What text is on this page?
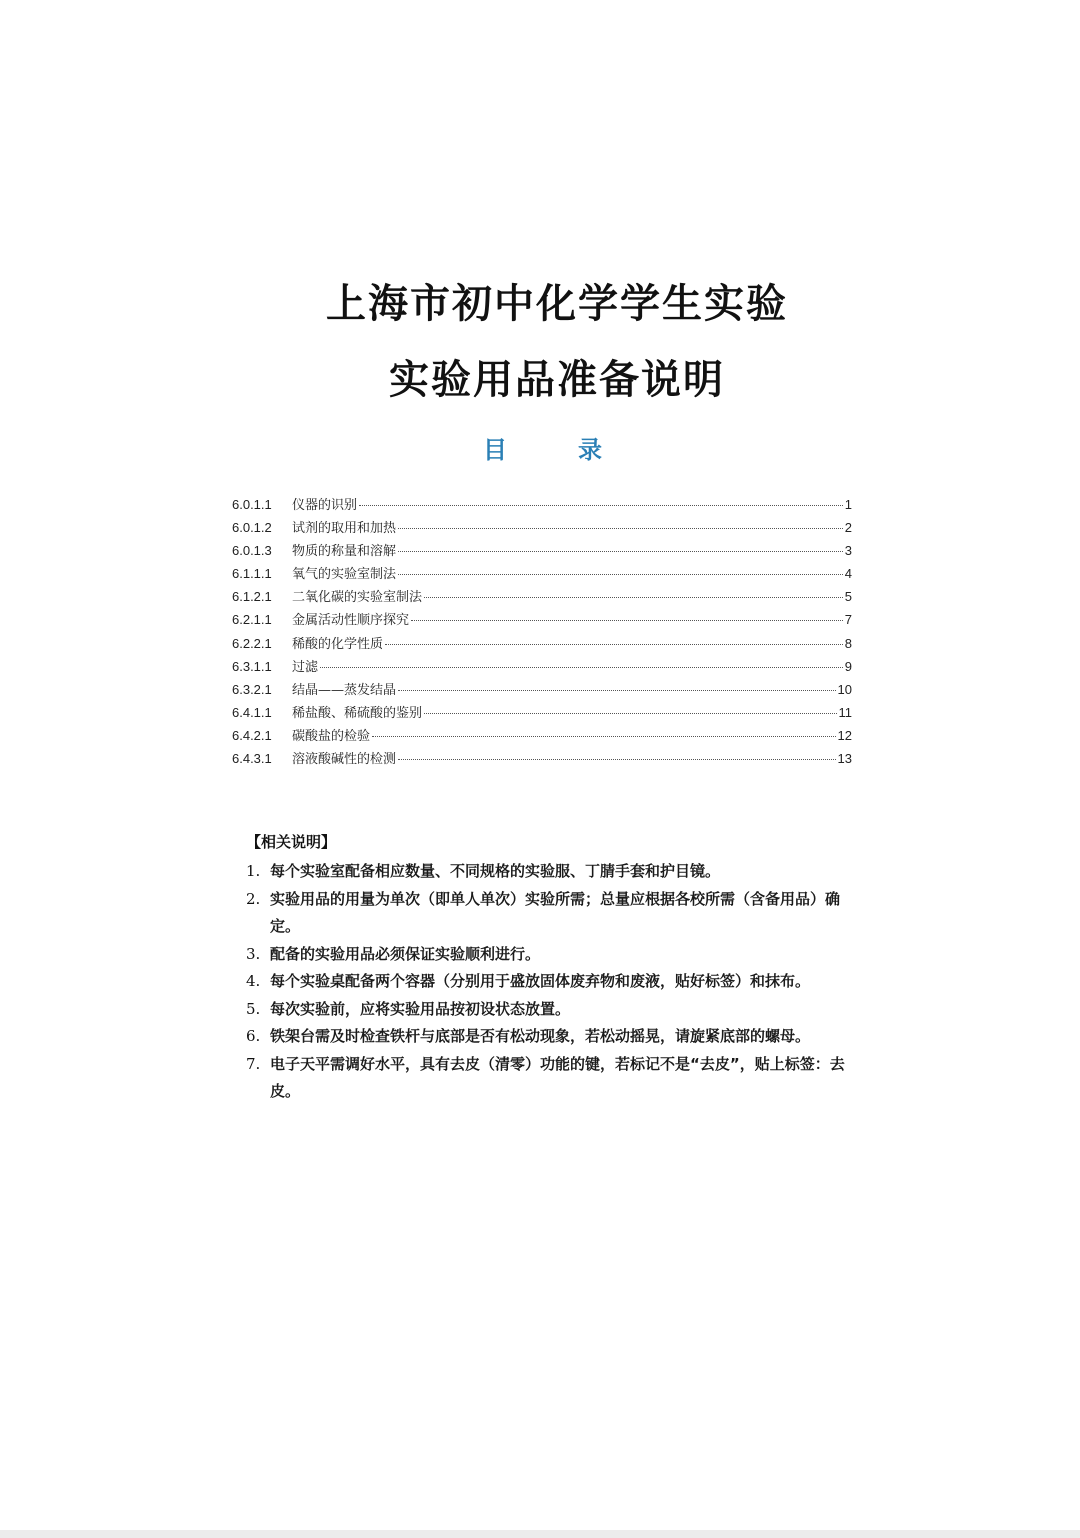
上海市初中化学学生实验
实验用品准备说明
目	录
6.0.1.1	仪器的识别	1
6.0.1.2	试剂的取用和加热	2
6.0.1.3	物质的称量和溶解	3
6.1.1.1	氧气的实验室制法	4
6.1.2.1	二氧化碳的实验室制法	5
6.2.1.1	金属活动性顺序探究	7
6.2.2.1	稀酸的化学性质	8
6.3.1.1	过滤	9
6.3.2.1	结晶——蒸发结晶	10
6.4.1.1	稀盐酸、稀硫酸的鉴别	11
6.4.2.1	碳酸盐的检验	12
6.4.3.1	溶液酸碱性的检测	13
【相关说明】
1. 每个实验室配备相应数量、不同规格的实验服、丁腈手套和护目镜。
2. 实验用品的用量为单次（即单人单次）实验所需；总量应根据各校所需（含备用品）确定。
3. 配备的实验用品必须保证实验顺利进行。
4. 每个实验桌配备两个容器（分别用于盛放固体废弃物和废液，贴好标签）和抹布。
5. 每次实验前，应将实验用品按初设状态放置。
6. 铁架台需及时检查铁杆与底部是否有松动现象，若松动摇晃，请旋紧底部的螺母。
7. 电子天平需调好水平，具有去皮（清零）功能的键，若标记不是“去皮”，贴上标签：去皮。
